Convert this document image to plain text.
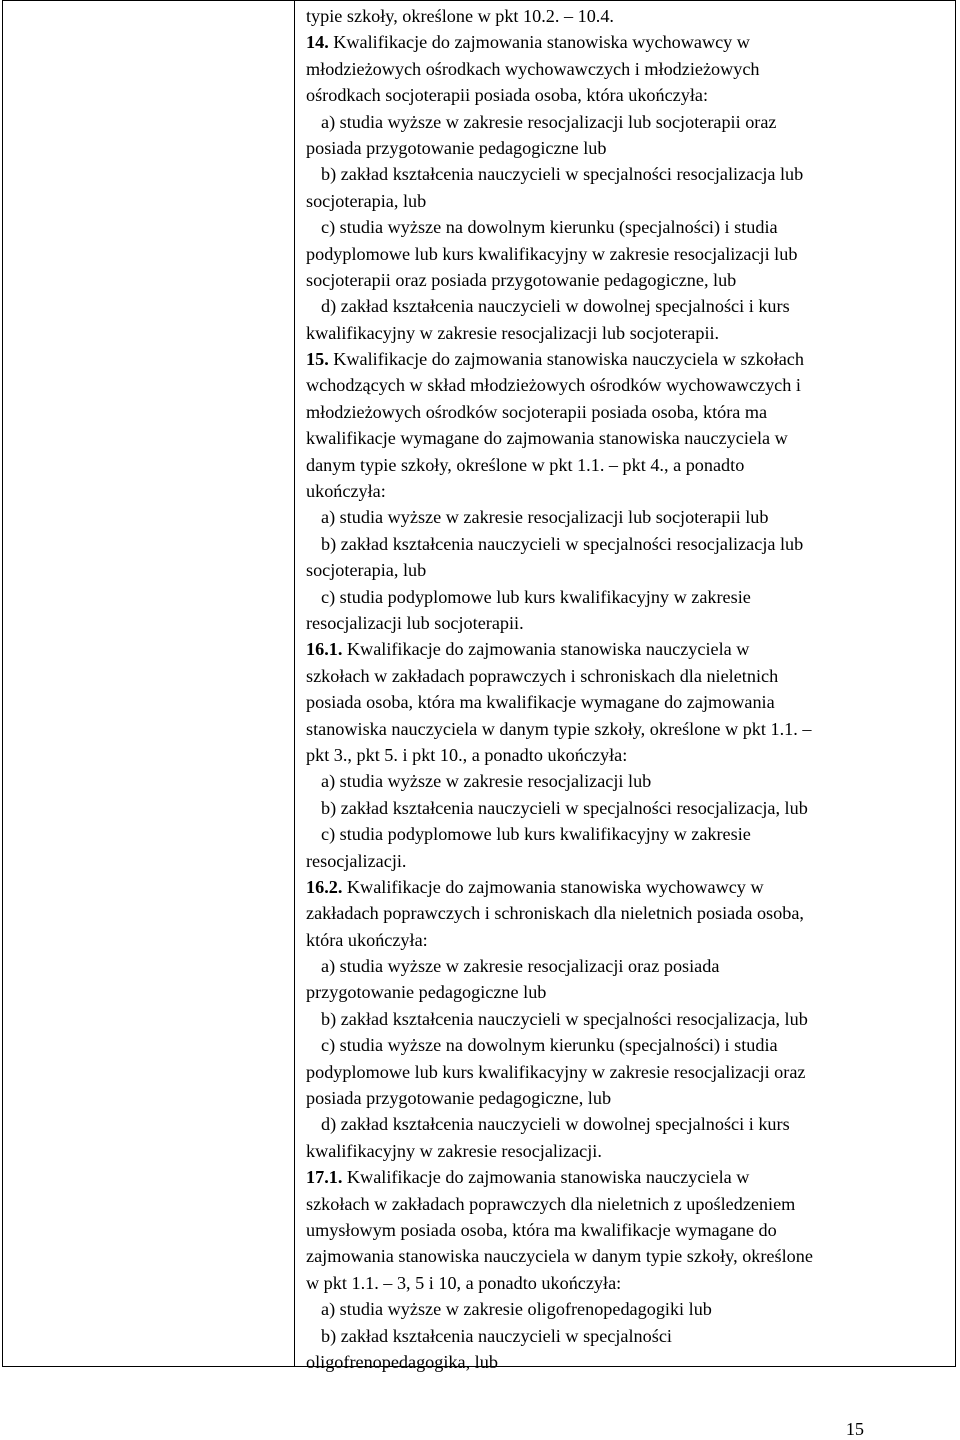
typie szkoły, określone w pkt 10.2. – 10.4.
14. Kwalifikacje do zajmowania stanowiska wychowawcy w
młodzieżowych ośrodkach wychowawczych i młodzieżowych
ośrodkach socjoterapii posiada osoba, która ukończyła:
a) studia wyższe w zakresie resocjalizacji lub socjoterapii oraz
posiada przygotowanie pedagogiczne lub
b) zakład kształcenia nauczycieli w specjalności resocjalizacja lub
socjoterapia, lub
c) studia wyższe na dowolnym kierunku (specjalności) i studia
podyplomowe lub kurs kwalifikacyjny w zakresie resocjalizacji lub
socjoterapii oraz posiada przygotowanie pedagogiczne, lub
d) zakład kształcenia nauczycieli w dowolnej specjalności i kurs
kwalifikacyjny w zakresie resocjalizacji lub socjoterapii.
15. Kwalifikacje do zajmowania stanowiska nauczyciela w szkołach
wchodzących w skład młodzieżowych ośrodków wychowawczych i
młodzieżowych ośrodków socjoterapii posiada osoba, która ma
kwalifikacje wymagane do zajmowania stanowiska nauczyciela w
danym typie szkoły, określone w pkt 1.1. – pkt 4., a ponadto
ukończyła:
a) studia wyższe w zakresie resocjalizacji lub socjoterapii lub
b) zakład kształcenia nauczycieli w specjalności resocjalizacja lub
socjoterapia, lub
c) studia podyplomowe lub kurs kwalifikacyjny w zakresie
resocjalizacji lub socjoterapii.
16.1. Kwalifikacje do zajmowania stanowiska nauczyciela w
szkołach w zakładach poprawczych i schroniskach dla nieletnich
posiada osoba, która ma kwalifikacje wymagane do zajmowania
stanowiska nauczyciela w danym typie szkoły, określone w pkt 1.1. –
pkt 3., pkt 5. i pkt 10., a ponadto ukończyła:
a) studia wyższe w zakresie resocjalizacji lub
b) zakład kształcenia nauczycieli w specjalności resocjalizacja, lub
c) studia podyplomowe lub kurs kwalifikacyjny w zakresie
resocjalizacji.
16.2. Kwalifikacje do zajmowania stanowiska wychowawcy w
zakładach poprawczych i schroniskach dla nieletnich posiada osoba,
która ukończyła:
a) studia wyższe w zakresie resocjalizacji oraz posiada
przygotowanie pedagogiczne lub
b) zakład kształcenia nauczycieli w specjalności resocjalizacja, lub
c) studia wyższe na dowolnym kierunku (specjalności) i studia
podyplomowe lub kurs kwalifikacyjny w zakresie resocjalizacji oraz
posiada przygotowanie pedagogiczne, lub
d) zakład kształcenia nauczycieli w dowolnej specjalności i kurs
kwalifikacyjny w zakresie resocjalizacji.
17.1. Kwalifikacje do zajmowania stanowiska nauczyciela w
szkołach w zakładach poprawczych dla nieletnich z upośledzeniem
umysłowym posiada osoba, która ma kwalifikacje wymagane do
zajmowania stanowiska nauczyciela w danym typie szkoły, określone
w pkt 1.1. – 3, 5 i 10, a ponadto ukończyła:
a) studia wyższe w zakresie oligofrenopedagogiki lub
b) zakład kształcenia nauczycieli w specjalności
oligofrenopedagogika, lub
15
